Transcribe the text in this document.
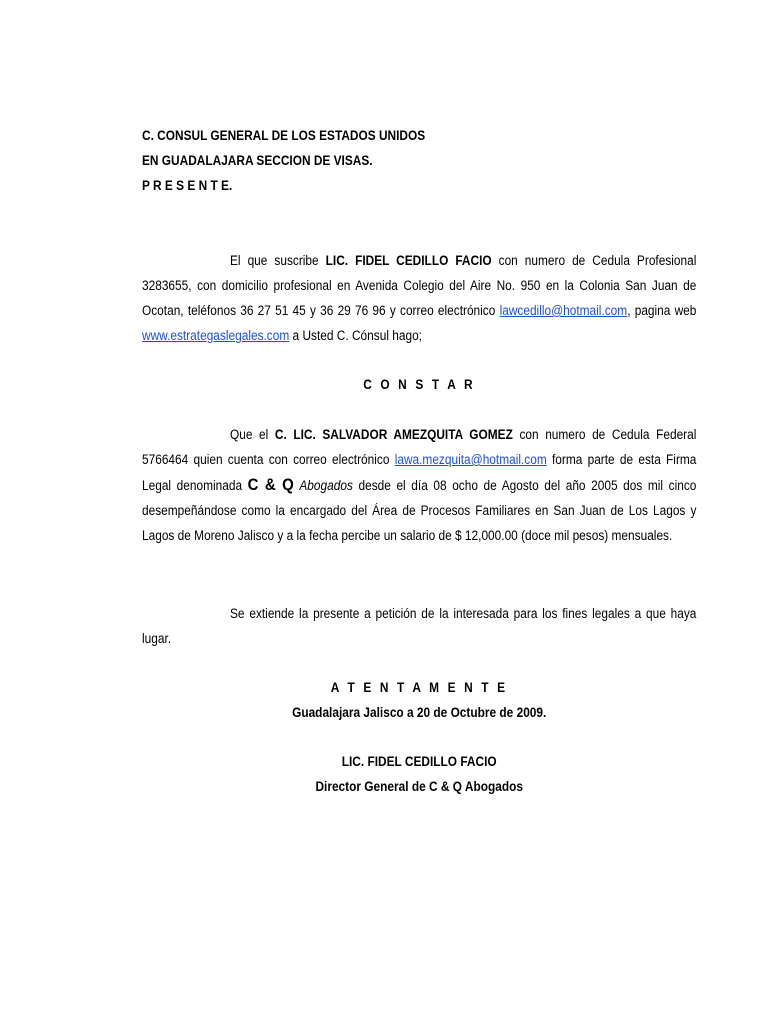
C. CONSUL GENERAL DE LOS ESTADOS UNIDOS
EN GUADALAJARA SECCION DE VISAS.
P R E S E N T E.
El que suscribe LIC. FIDEL CEDILLO FACIO con numero de Cedula Profesional 3283655, con domicilio profesional en Avenida Colegio del Aire No. 950 en la Colonia San Juan de Ocotan, teléfonos 36 27 51 45 y 36 29 76 96 y correo electrónico lawcedillo@hotmail.com, pagina web www.estrategaslegales.com a Usted C. Cónsul hago;
C O N S T A R
Que el C. LIC. SALVADOR AMEZQUITA GOMEZ con numero de Cedula Federal 5766464 quien cuenta con correo electrónico lawa.mezquita@hotmail.com forma parte de esta Firma Legal denominada C & Q Abogados desde el día 08 ocho de Agosto del año 2005 dos mil cinco desempeñándose como la encargado del Área de Procesos Familiares en San Juan de Los Lagos y Lagos de Moreno Jalisco y a la fecha percibe un salario de $ 12,000.00 (doce mil pesos) mensuales.
Se extiende la presente a petición de la interesada para los fines legales a que haya lugar.
A T E N T A M E N T E
Guadalajara Jalisco a 20 de Octubre de 2009.
LIC. FIDEL CEDILLO FACIO
Director General de C & Q Abogados
